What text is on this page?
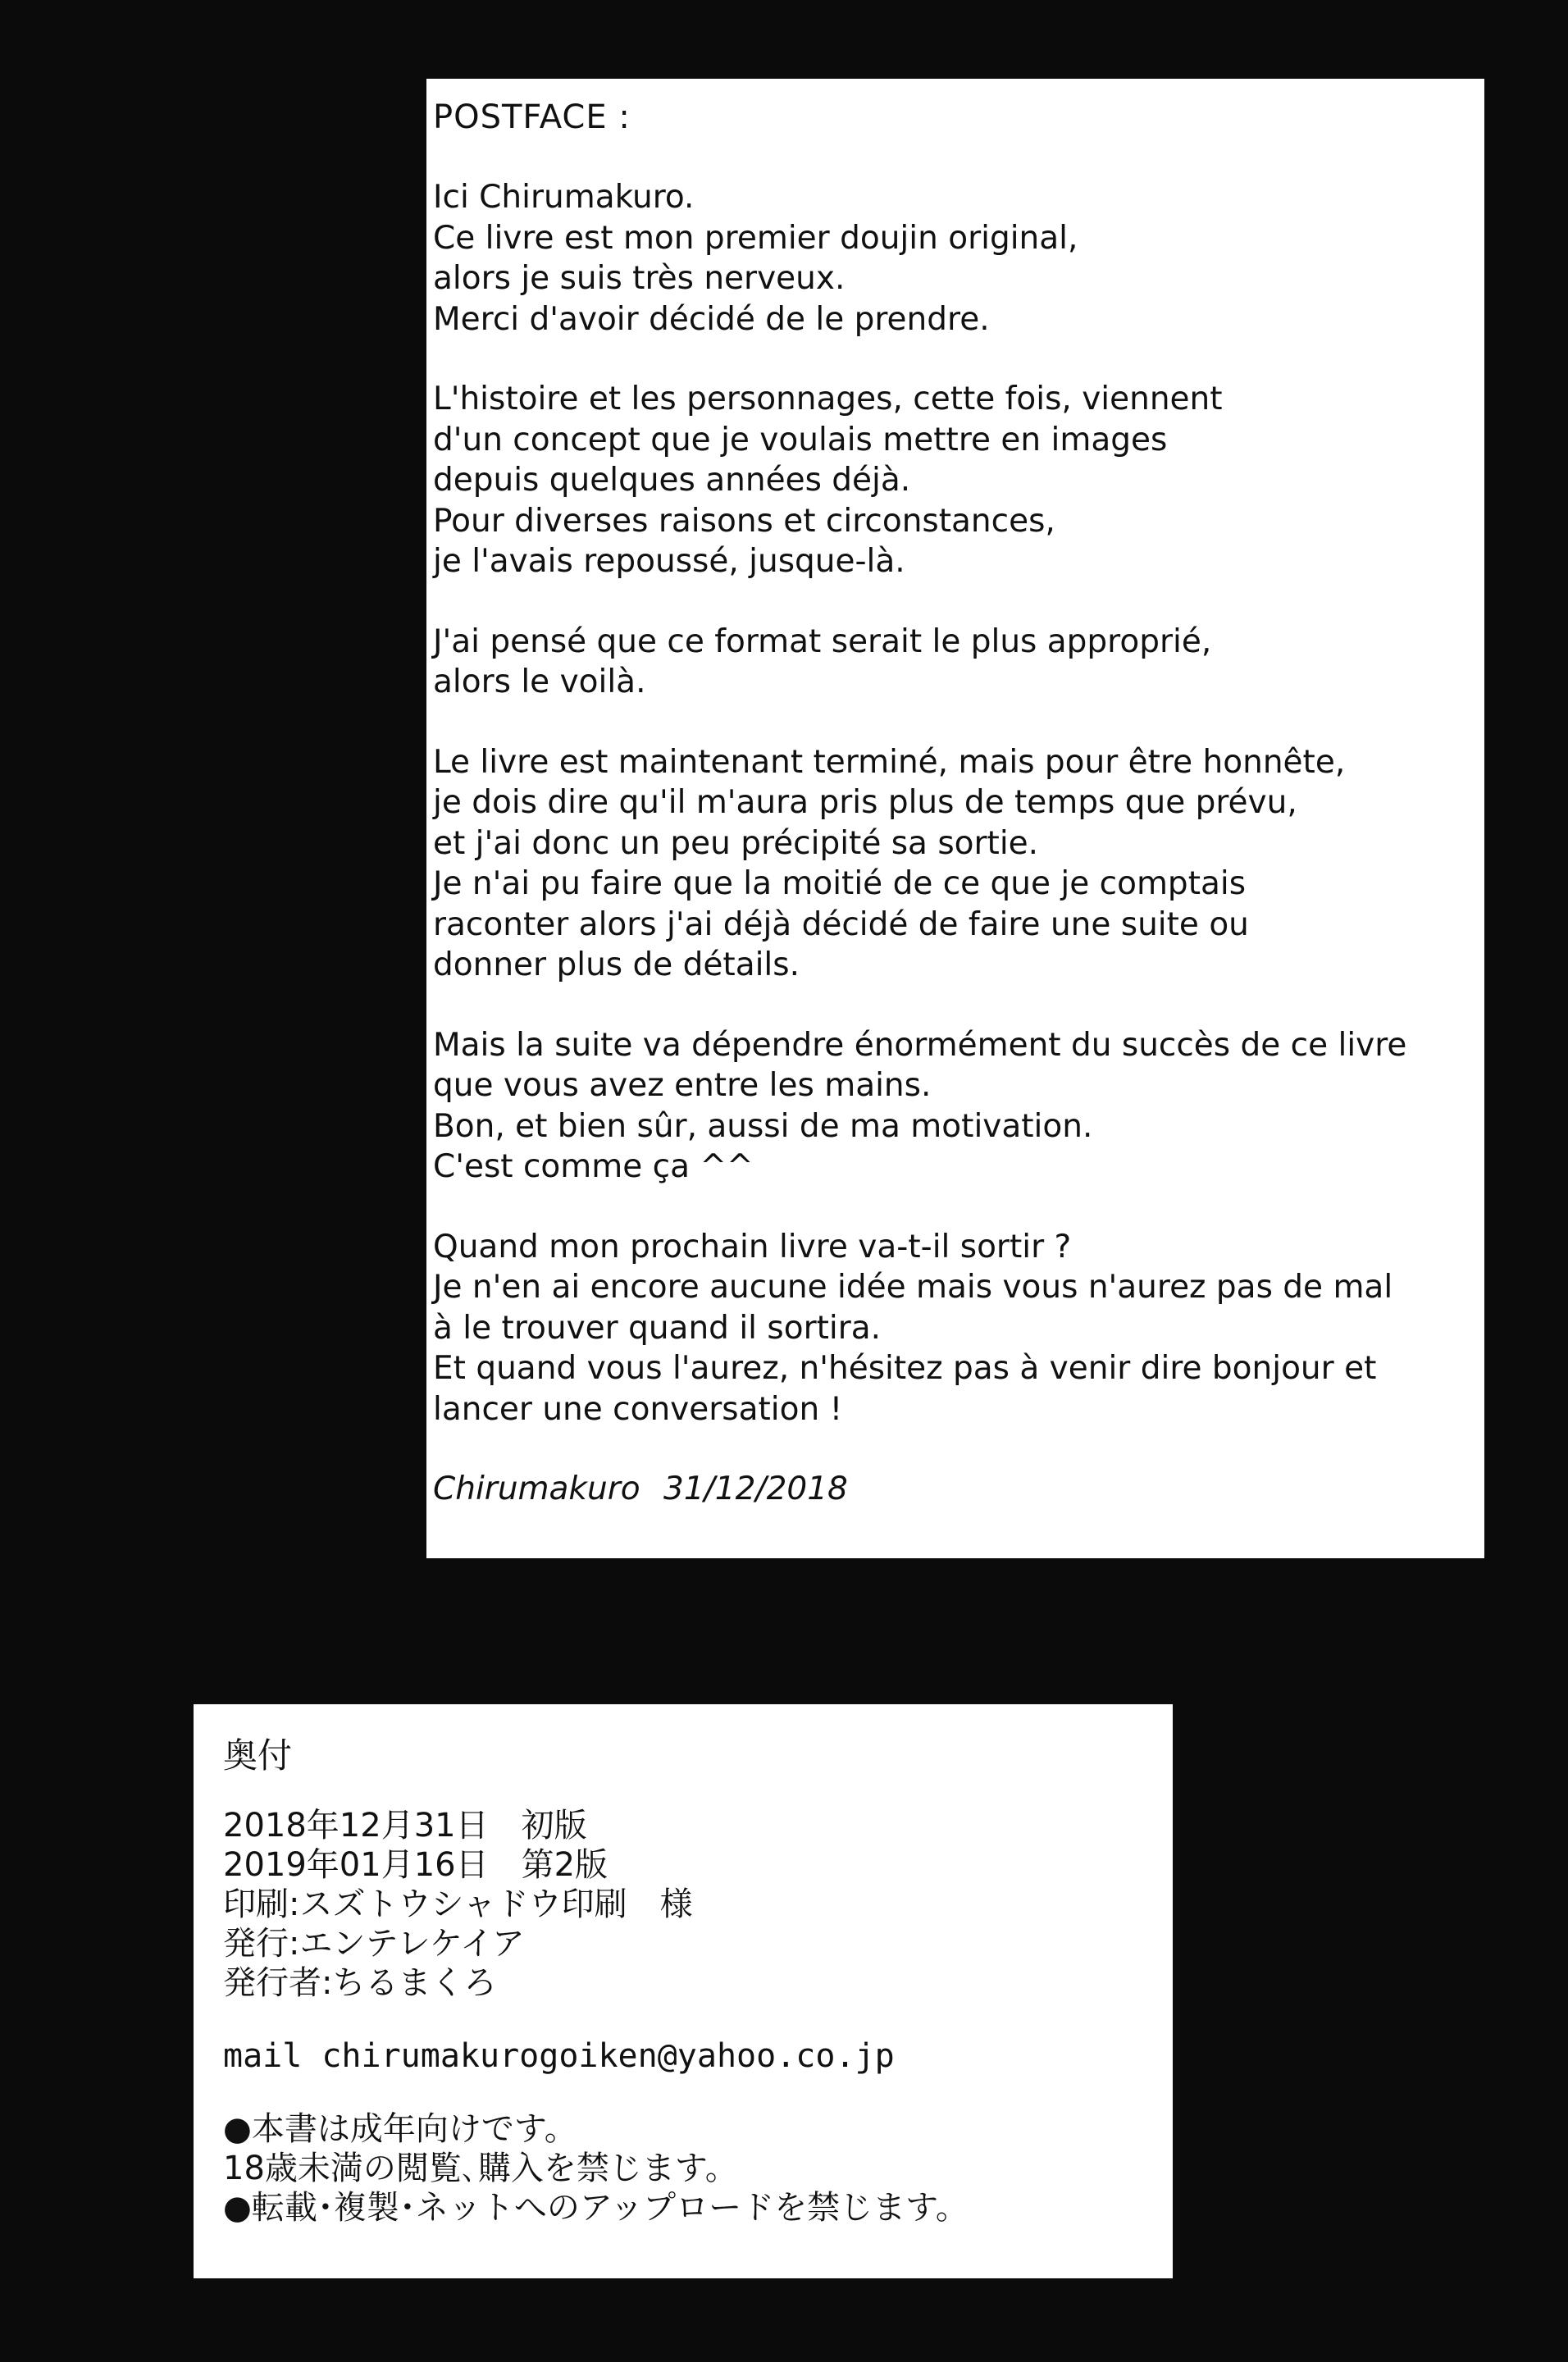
POSTFACE :
Ici Chirumakuro.
Ce livre est mon premier doujin original,
alors je suis très nerveux.
Merci d'avoir décidé de le prendre.
L'histoire et les personnages, cette fois, viennent
d'un concept que je voulais mettre en images
depuis quelques années déjà.
Pour diverses raisons et circonstances,
je l'avais repoussé, jusque-là.
J'ai pensé que ce format serait le plus approprié,
alors le voilà.
Le livre est maintenant terminé, mais pour être honnête,
je dois dire qu'il m'aura pris plus de temps que prévu,
et j'ai donc un peu précipité sa sortie.
Je n'ai pu faire que la moitié de ce que je comptais
raconter alors j'ai déjà décidé de faire une suite ou
donner plus de détails.
Mais la suite va dépendre énormément du succès de ce livre
que vous avez entre les mains.
Bon, et bien sûr, aussi de ma motivation.
C'est comme ça ^^
Quand mon prochain livre va-t-il sortir ?
Je n'en ai encore aucune idée mais vous n'aurez pas de mal
à le trouver quand il sortira.
Et quand vous l'aurez, n'hésitez pas à venir dire bonjour et
lancer une conversation !
Chirumakuro 31/12/2018
奥付
2018年12月31日　初版
2019年01月16日　第2版
印刷:スズトウシャドウ印刷　様
発行:エンテレケイア
発行者:ちるまくろ
mail chirumakurogoiken@yahoo.co.jp
●本書は成年向けです。
18歳未満の閲覧､購入を禁じます。
●転載･複製･ネットへのアップロードを禁じます。
